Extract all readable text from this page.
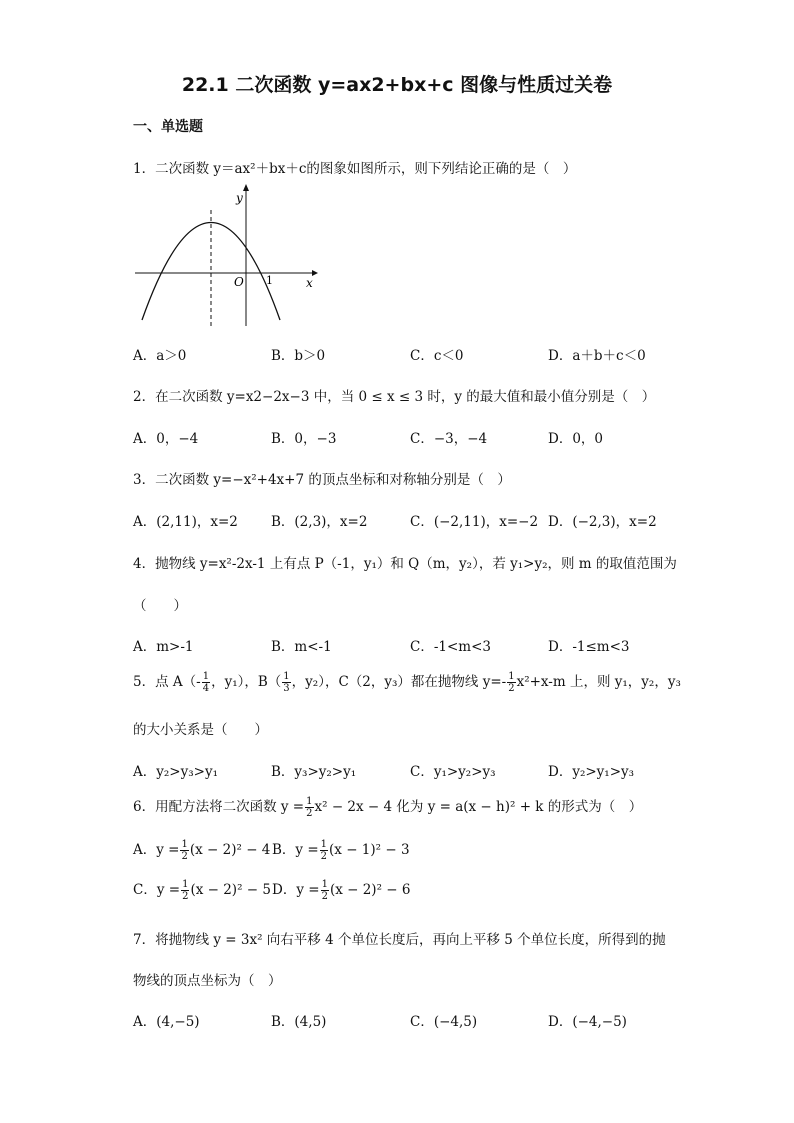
22.1 二次函数 y=ax2+bx+c 图像与性质过关卷
一、单选题
1．二次函数 y＝ax²＋bx＋c的图象如图所示，则下列结论正确的是（　）
y
x
O 1
A．a＞0	B．b＞0	C．c＜0	D．a＋b＋c＜0
2．在二次函数 y=x2−2x−3 中，当 0 ≤ x ≤ 3 时，y 的最大值和最小值分别是（　）
A．0，−4	B．0，−3	C．−3，−4	D．0，0
3．二次函数 y=−x²+4x+7 的顶点坐标和对称轴分别是（　）
A．(2,11)，x=2 B．(2,3)，x=2	C．(−2,11)，x=−2 D．(−2,3)，x=2
4．抛物线 y=x²-2x-1 上有点 P（-1，y₁）和 Q（m，y₂），若 y₁>y₂，则 m 的取值范围为
（　　）
A．m>-1	B．m<-1	C．-1<m<3	D．-1≤m<3
5．点 $A(- \frac{1}{4}$ ，y₁），$B( \frac{1}{3}$ ，y₂），C（2，y₃）都在抛物线 $y=- \frac{1}{2} x^2+x-m$ 上，则 y₁，y₂，y₃
的大小关系是（　　）
A．y₂>y₃>y₁	B．y₃>y₂>y₁	C．y₁>y₂>y₃	D．y₂>y₁>y₃
6．用配方法将二次函数 $y = \frac{1}{2} x^2 - 2x - 4$ 化为 y = a(x − h)² + k 的形式为（　）
A．$y = \frac{1}{2} (x - 2)^2 - 4$ B．$y = \frac{1}{2} (x - 1)^2 - 3$
C．$y = \frac{1}{2} (x - 2)^2 - 5$ D．$y = \frac{1}{2} (x - 2)^2 - 6$
7．将抛物线 y = 3x² 向右平移 4 个单位长度后，再向上平移 5 个单位长度，所得到的抛
物线的顶点坐标为（　）
A．(4,−5)	B．(4,5)	C．(−4,5)	D．(−4,−5)
